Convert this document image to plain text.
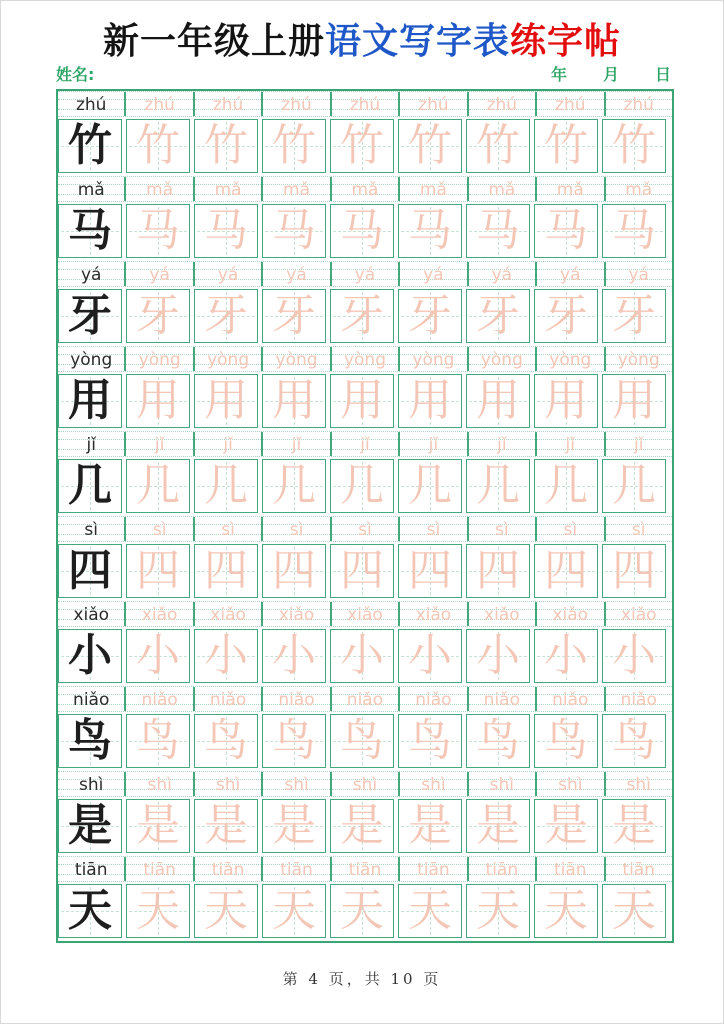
新一年级上册语文写字表练字帖
姓名:	年 月 日
zhú zhú zhú zhú zhú zhú zhú zhú zhú
竹 竹 竹 竹 竹 竹 竹 竹 竹
mǎ mǎ mǎ mǎ mǎ mǎ mǎ mǎ mǎ
马 马 马 马 马 马 马 马 马
yá	yá	yá	yá	yá	yá	yá	yá	yá
牙 牙 牙 牙 牙 牙 牙 牙 牙
yòng yòng yòng yòng yòng yòng yòng yòng yòng
用 用 用 用 用 用 用 用 用
jǐ	jǐ	jǐ	jǐ	jǐ	jǐ	jǐ	jǐ	jǐ
几 几 几 几 几 几 几 几 几
sì	sì	sì	sì	sì	sì	sì	sì	sì
四 四 四 四 四 四 四 四 四
xiǎo xiǎo xiǎo xiǎo xiǎo xiǎo xiǎo xiǎo xiǎo
小 小 小 小 小 小 小 小 小
niǎo niǎo niǎo niǎo niǎo niǎo niǎo niǎo niǎo
鸟 鸟 鸟 鸟 鸟 鸟 鸟 鸟 鸟
shì	shì	shì	shì	shì	shì	shì	shì	shì
是 是 是 是 是 是 是 是 是
tiān tiān tiān tiān tiān tiān tiān tiān tiān
天 天 天 天 天 天 天 天 天
第 4 页，共 10 页
